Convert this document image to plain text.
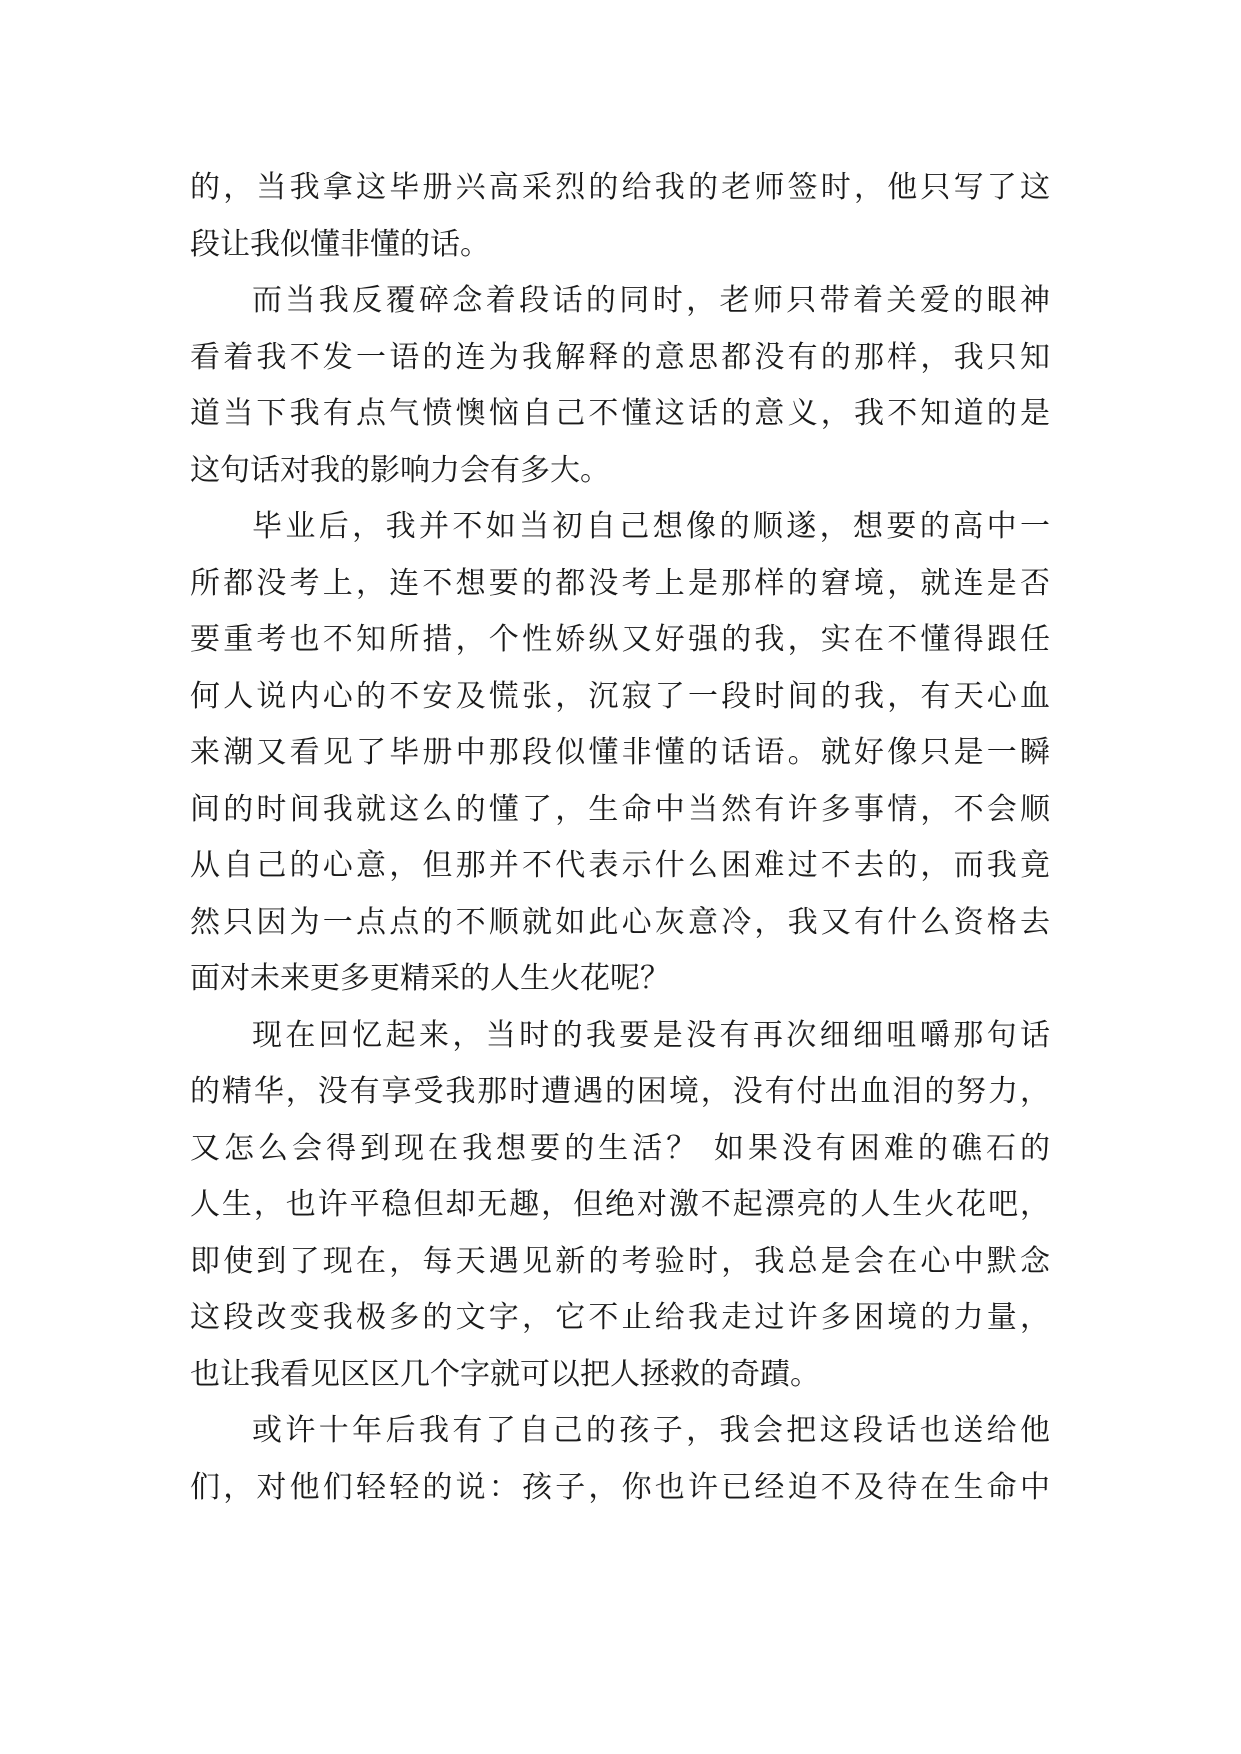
的，当我拿这毕册兴高采烈的给我的老师签时，他只写了这
段让我似懂非懂的话。
而当我反覆碎念着段话的同时，老师只带着关爱的眼神
看着我不发一语的连为我解释的意思都没有的那样，我只知
道当下我有点气愤懊恼自己不懂这话的意义，我不知道的是
这句话对我的影响力会有多大。
毕业后，我并不如当初自己想像的顺遂，想要的高中一
所都没考上，连不想要的都没考上是那样的窘境，就连是否
要重考也不知所措，个性娇纵又好强的我，实在不懂得跟任
何人说内心的不安及慌张，沉寂了一段时间的我，有天心血
来潮又看见了毕册中那段似懂非懂的话语。就好像只是一瞬
间的时间我就这么的懂了，生命中当然有许多事情，不会顺
从自己的心意，但那并不代表示什么困难过不去的，而我竟
然只因为一点点的不顺就如此心灰意冷，我又有什么资格去
面对未来更多更精采的人生火花呢？
现在回忆起来，当时的我要是没有再次细细咀嚼那句话
的精华，没有享受我那时遭遇的困境，没有付出血泪的努力，
又怎么会得到现在我想要的生活？ 如果没有困难的礁石的
人生，也许平稳但却无趣，但绝对激不起漂亮的人生火花吧，
即使到了现在，每天遇见新的考验时，我总是会在心中默念
这段改变我极多的文字，它不止给我走过许多困境的力量，
也让我看见区区几个字就可以把人拯救的奇蹟。
或许十年后我有了自己的孩子，我会把这段话也送给他
们，对他们轻轻的说：孩子，你也许已经迫不及待在生命中
